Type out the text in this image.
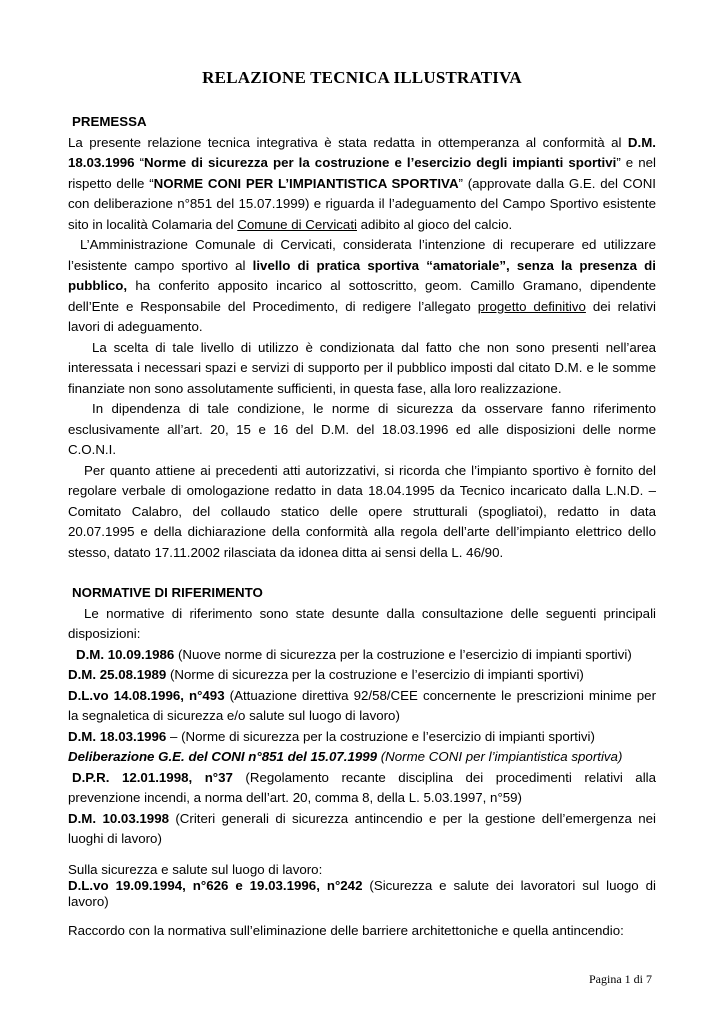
RELAZIONE TECNICA ILLUSTRATIVA
PREMESSA
La presente relazione tecnica integrativa è stata redatta in ottemperanza al conformità al D.M.
18.03.1996 “Norme di sicurezza per la costruzione e l’esercizio degli impianti sportivi” e nel
rispetto delle “NORME CONI PER L’IMPIANTISTICA SPORTIVA” (approvate dalla G.E. del CONI
con deliberazione n°851 del 15.07.1999) e riguarda il l’adeguamento del Campo Sportivo esistente
sito in località Colamaria del Comune di Cervicati adibito al gioco del calcio.
L’Amministrazione Comunale di Cervicati, considerata l’intenzione di recuperare ed utilizzare
l’esistente campo sportivo al livello di pratica sportiva “amatoriale”, senza la presenza di
pubblico, ha conferito apposito incarico al sottoscritto, geom. Camillo Gramano, dipendente
dell’Ente e Responsabile del Procedimento, di redigere l’allegato progetto definitivo dei relativi
lavori di adeguamento.
La scelta di tale livello di utilizzo è condizionata dal fatto che non sono presenti nell’area
interessata i necessari spazi e servizi di supporto per il pubblico imposti dal citato D.M. e le somme
finanziate non sono assolutamente sufficienti, in questa fase, alla loro realizzazione.
In dipendenza di tale condizione, le norme di sicurezza da osservare fanno riferimento
esclusivamente all’art. 20, 15 e 16 del D.M. del 18.03.1996 ed alle disposizioni delle norme
C.O.N.I.
Per quanto attiene ai precedenti atti autorizzativi, si ricorda che l’impianto sportivo è fornito del
regolare verbale di omologazione redatto in data 18.04.1995 da Tecnico incaricato dalla L.N.D. –
Comitato Calabro, del collaudo statico delle opere strutturali (spogliatoi), redatto in data
20.07.1995 e della dichiarazione della conformità alla regola dell’arte dell’impianto elettrico dello
stesso, datato 17.11.2002 rilasciata da idonea ditta ai sensi della L. 46/90.
NORMATIVE DI RIFERIMENTO
Le normative di riferimento sono state desunte dalla consultazione delle seguenti principali
disposizioni:
D.M. 10.09.1986 (Nuove norme di sicurezza per la costruzione e l’esercizio di impianti sportivi)
D.M. 25.08.1989 (Norme di sicurezza per la costruzione e l’esercizio di impianti sportivi)
D.L.vo 14.08.1996, n°493 (Attuazione direttiva 92/58/CEE concernente le prescrizioni minime per
la segnaletica di sicurezza e/o salute sul luogo di lavoro)
D.M. 18.03.1996 – (Norme di sicurezza per la costruzione e l’esercizio di impianti sportivi)
Deliberazione G.E. del CONI n°851 del 15.07.1999 (Norme CONI per l’impiantistica sportiva)
D.P.R. 12.01.1998, n°37 (Regolamento recante disciplina dei procedimenti relativi alla
prevenzione incendi, a norma dell’art. 20, comma 8, della L. 5.03.1997, n°59)
D.M. 10.03.1998 (Criteri generali di sicurezza antincendio e per la gestione dell’emergenza nei
luoghi di lavoro)
Sulla sicurezza e salute sul luogo di lavoro:
D.L.vo 19.09.1994, n°626 e 19.03.1996, n°242 (Sicurezza e salute dei lavoratori sul luogo di
lavoro)
Raccordo con la normativa sull’eliminazione delle barriere architettoniche e quella antincendio:
Pagina 1 di 7
